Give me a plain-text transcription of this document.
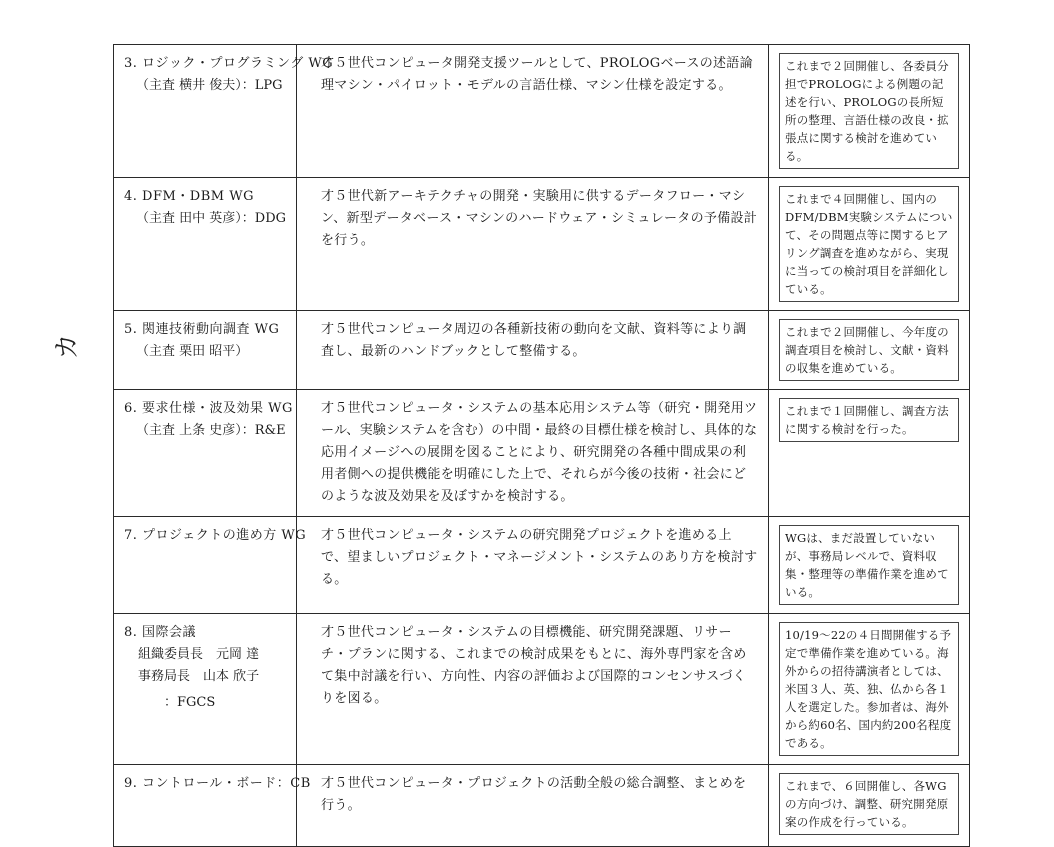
カ
3. ロジック・プログラミング WG
（主査 横井 俊夫）：LPG	才５世代コンピュータ開発支援ツールとして、PROLOGベースの述語論理マシン・パイロット・モデルの言語仕様、マシン仕様を設定する。	これまで２回開催し、各委員分担でPROLOGによる例題の記述を行い、PROLOGの長所短所の整理、言語仕様の改良・拡張点に関する検討を進めている。

4. DFM・DBM WG
（主査 田中 英彦）：DDG	才５世代新アーキテクチャの開発・実験用に供するデータフロー・マシン、新型データベース・マシンのハードウェア・シミュレータの予備設計を行う。	これまで４回開催し、国内のDFM/DBM実験システムについて、その問題点等に関するヒアリング調査を進めながら、実現に当っての検討項目を詳細化している。

5. 関連技術動向調査 WG
（主査 栗田 昭平）	才５世代コンピュータ周辺の各種新技術の動向を文献、資料等により調査し、最新のハンドブックとして整備する。	これまで２回開催し、今年度の調査項目を検討し、文献・資料の収集を進めている。

6. 要求仕様・波及効果 WG
（主査 上条 史彦）：R&E	才５世代コンピュータ・システムの基本応用システム等（研究・開発用ツール、実験システムを含む）の中間・最終の目標仕様を検討し、具体的な応用イメージへの展開を図ることにより、研究開発の各種中間成果の利用者側への提供機能を明確にした上で、それらが今後の技術・社会にどのような波及効果を及ぼすかを検討する。	これまで１回開催し、調査方法に関する検討を行った。

7. プロジェクトの進め方 WG	才５世代コンピュータ・システムの研究開発プロジェクトを進める上で、望ましいプロジェクト・マネージメント・システムのあり方を検討する。	WGは、まだ設置していないが、事務局レベルで、資料収集・整理等の準備作業を進めている。

8. 国際会議
組織委員長　元岡 達
事務局長　山本 欣子
：FGCS	才５世代コンピュータ・システムの目標機能、研究開発課題、リサーチ・プランに関する、これまでの検討成果をもとに、海外専門家を含めて集中討議を行い、方向性、内容の評価および国際的コンセンサスづくりを図る。	10/19～22の４日間開催する予定で準備作業を進めている。海外からの招待講演者としては、米国３人、英、独、仏から各１人を選定した。参加者は、海外から約60名、国内約200名程度である。

9. コントロール・ボード：CB	才５世代コンピュータ・プロジェクトの活動全般の総合調整、まとめを行う。	これまで、６回開催し、各WGの方向づけ、調整、研究開発原案の作成を行っている。
